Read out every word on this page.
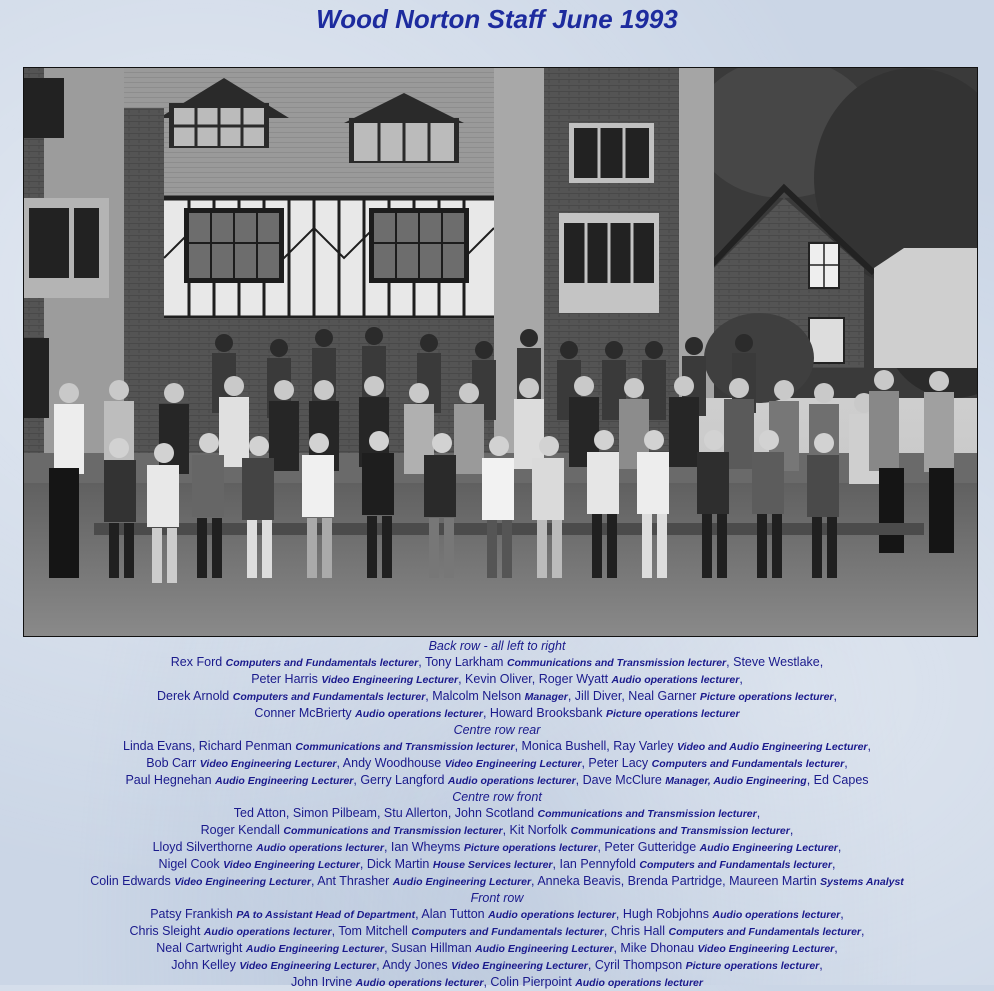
Wood Norton Staff June 1993
Back row - all left to right
Rex Ford Computers and Fundamentals lecturer, Tony Larkham Communications and Transmission lecturer, Steve Westlake,
Peter Harris Video Engineering Lecturer, Kevin Oliver, Roger Wyatt Audio operations lecturer,
Derek Arnold Computers and Fundamentals lecturer, Malcolm Nelson Manager, Jill Diver, Neal Garner Picture operations lecturer,
Conner McBrierty Audio operations lecturer, Howard Brooksbank Picture operations lecturer
Centre row rear
Linda Evans, Richard Penman Communications and Transmission lecturer, Monica Bushell, Ray Varley Video and Audio Engineering Lecturer,
Bob Carr Video Engineering Lecturer, Andy Woodhouse Video Engineering Lecturer, Peter Lacy Computers and Fundamentals lecturer,
Paul Hegnehan Audio Engineering Lecturer, Gerry Langford Audio operations lecturer, Dave McClure Manager, Audio Engineering, Ed Capes
Centre row front
Ted Atton, Simon Pilbeam, Stu Allerton, John Scotland Communications and Transmission lecturer,
Roger Kendall Communications and Transmission lecturer, Kit Norfolk Communications and Transmission lecturer,
Lloyd Silverthorne Audio operations lecturer, Ian Wheyms Picture operations lecturer, Peter Gutteridge Audio Engineering Lecturer,
Nigel Cook Video Engineering Lecturer, Dick Martin House Services lecturer, Ian Pennyfold Computers and Fundamentals lecturer,
Colin Edwards Video Engineering Lecturer, Ant Thrasher Audio Engineering Lecturer, Anneka Beavis, Brenda Partridge, Maureen Martin Systems Analyst
Front row
Patsy Frankish PA to Assistant Head of Department, Alan Tutton Audio operations lecturer, Hugh Robjohns Audio operations lecturer,
Chris Sleight Audio operations lecturer, Tom Mitchell Computers and Fundamentals lecturer, Chris Hall Computers and Fundamentals lecturer,
Neal Cartwright Audio Engineering Lecturer, Susan Hillman Audio Engineering Lecturer, Mike Dhonau Video Engineering Lecturer,
John Kelley Video Engineering Lecturer, Andy Jones Video Engineering Lecturer, Cyril Thompson Picture operations lecturer,
John Irvine Audio operations lecturer, Colin Pierpoint Audio operations lecturer
